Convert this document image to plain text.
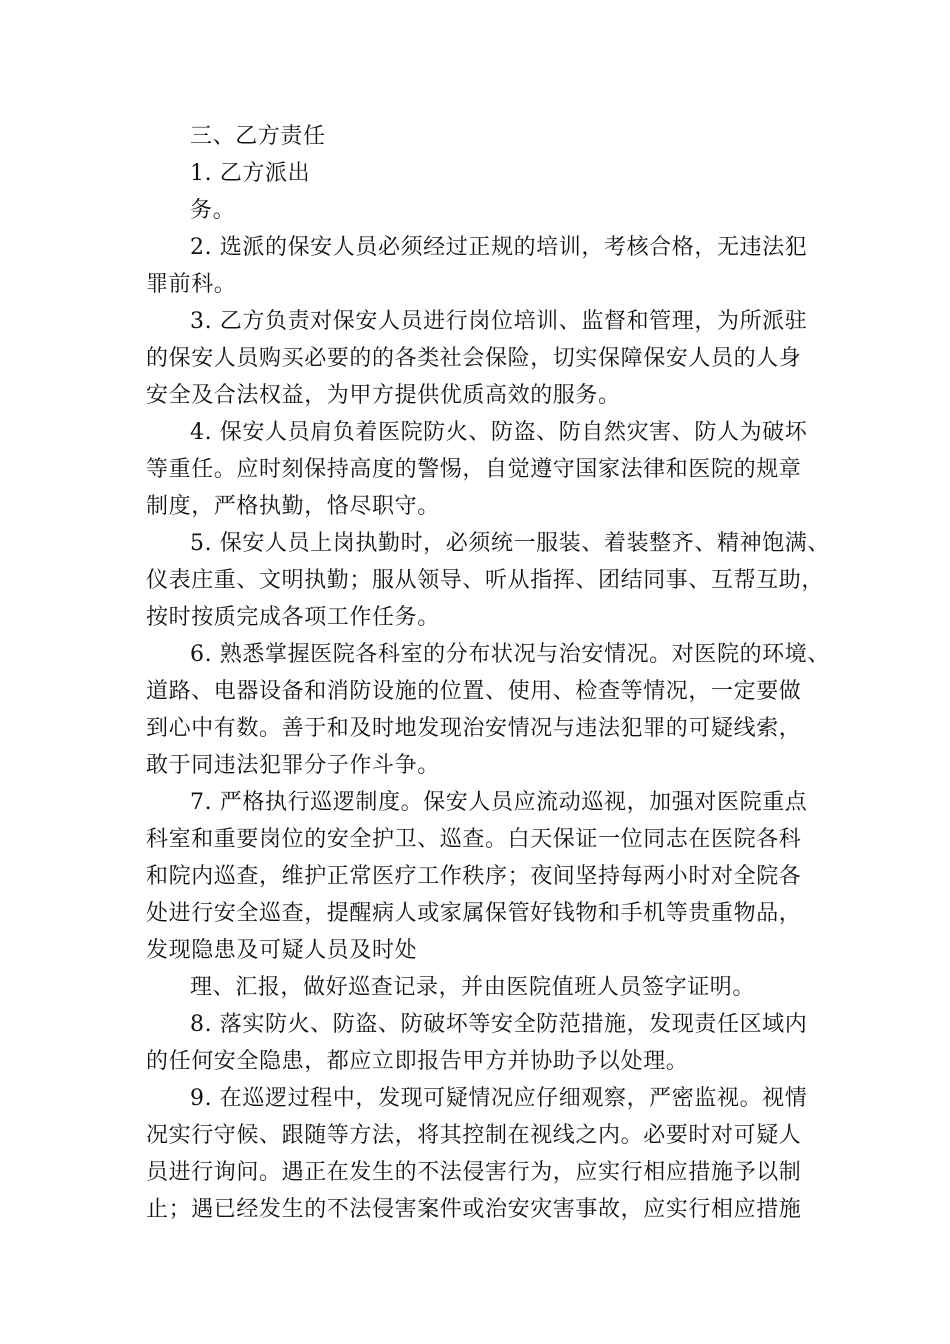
三、乙方责任
1. 乙方派出
务。
2. 选派的保安人员必须经过正规的培训，考核合格，无违法犯
罪前科。
3. 乙方负责对保安人员进行岗位培训、监督和管理，为所派驻
的保安人员购买必要的的各类社会保险，切实保障保安人员的人身
安全及合法权益，为甲方提供优质高效的服务。
4. 保安人员肩负着医院防火、防盗、防自然灾害、防人为破坏
等重任。应时刻保持高度的警惕，自觉遵守国家法律和医院的规章
制度，严格执勤，恪尽职守。
5. 保安人员上岗执勤时，必须统一服装、着装整齐、精神饱满、
仪表庄重、文明执勤；服从领导、听从指挥、团结同事、互帮互助，
按时按质完成各项工作任务。
6. 熟悉掌握医院各科室的分布状况与治安情况。对医院的环境、
道路、电器设备和消防设施的位置、使用、检查等情况，一定要做
到心中有数。善于和及时地发现治安情况与违法犯罪的可疑线索，
敢于同违法犯罪分子作斗争。
7. 严格执行巡逻制度。保安人员应流动巡视，加强对医院重点
科室和重要岗位的安全护卫、巡查。白天保证一位同志在医院各科
和院内巡查，维护正常医疗工作秩序；夜间坚持每两小时对全院各
处进行安全巡查，提醒病人或家属保管好钱物和手机等贵重物品，
发现隐患及可疑人员及时处
理、汇报，做好巡查记录，并由医院值班人员签字证明。
8. 落实防火、防盗、防破坏等安全防范措施，发现责任区域内
的任何安全隐患，都应立即报告甲方并协助予以处理。
9. 在巡逻过程中，发现可疑情况应仔细观察，严密监视。视情
况实行守候、跟随等方法，将其控制在视线之内。必要时对可疑人
员进行询问。遇正在发生的不法侵害行为，应实行相应措施予以制
止；遇已经发生的不法侵害案件或治安灾害事故，应实行相应措施
